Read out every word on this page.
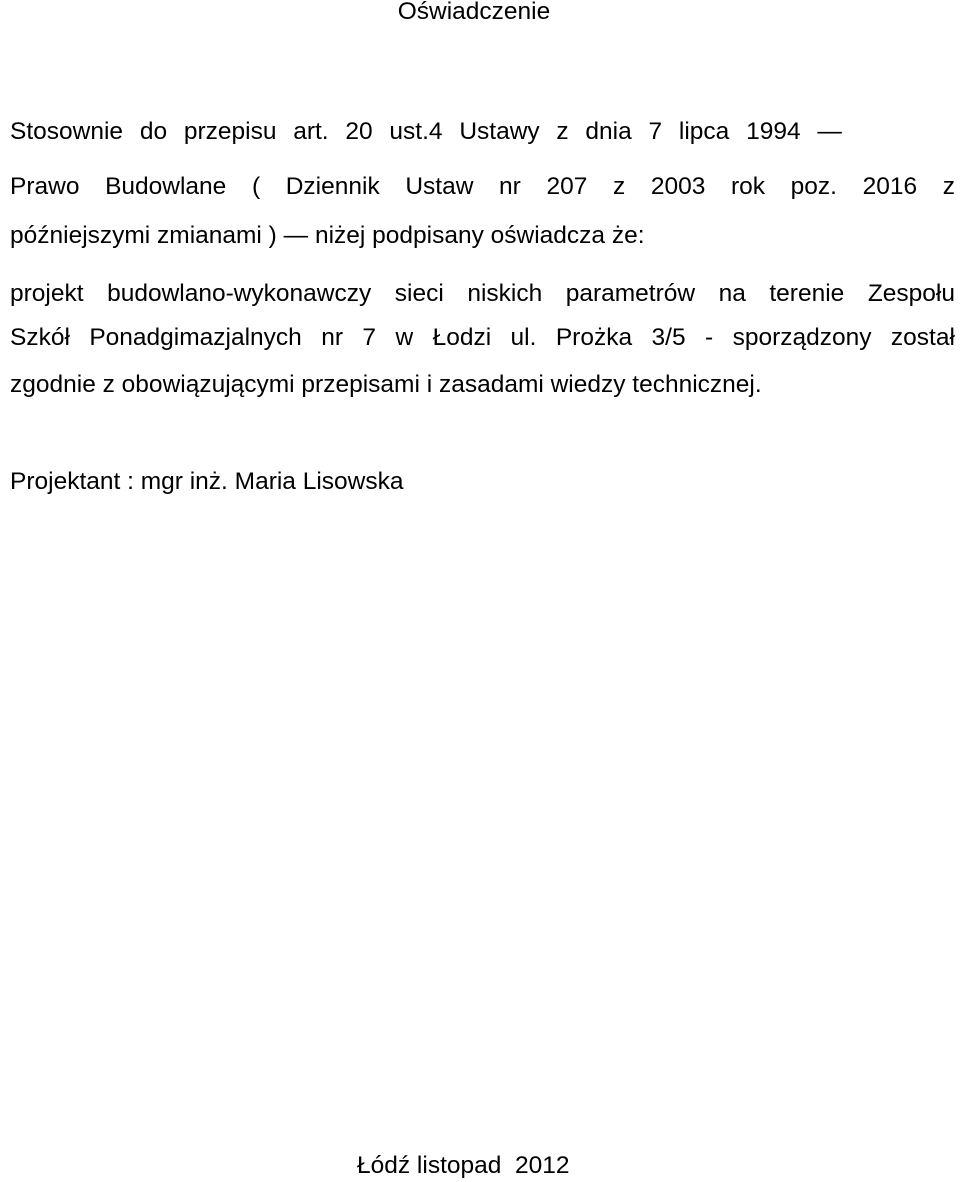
Oświadczenie
Stosownie do przepisu art. 20 ust.4 Ustawy z dnia 7 lipca 1994 —
Prawo Budowlane ( Dziennik Ustaw nr 207 z 2003 rok poz. 2016 z
późniejszymi zmianami ) — niżej podpisany oświadcza że:
projekt budowlano-wykonawczy sieci niskich parametrów na terenie Zespołu
Szkół Ponadgimazjalnych nr 7 w Łodzi ul. Prożka 3/5 - sporządzony został
zgodnie z obowiązującymi przepisami i zasadami wiedzy technicznej.
Projektant : mgr inż. Maria Lisowska
Łódź listopad  2012
